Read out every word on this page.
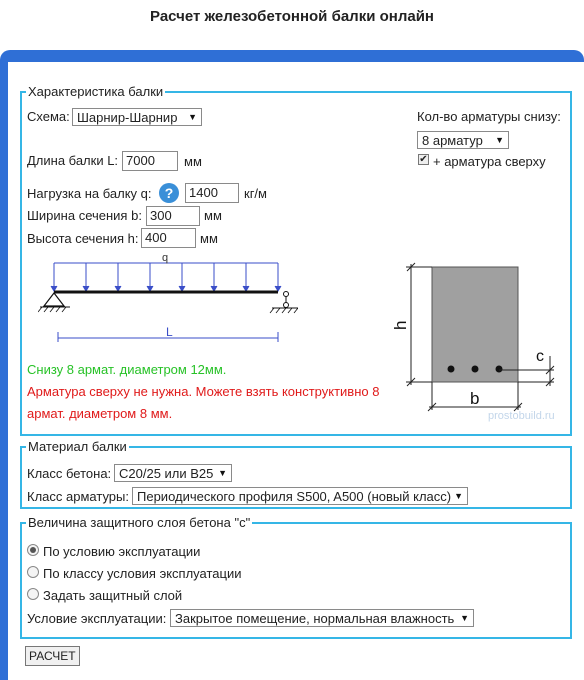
Расчет железобетонной балки онлайн
Характеристика балки
Схема: Шарнир-Шарнир ▼
Длина балки L: 7000	мм
Нагрузка на балку q: ?	1400	кг/м
Ширина сечения b: 300	мм
Высота сечения h: 400	мм
Кол-во арматуры снизу:
8 арматур ▼
✔ + арматура сверху
q
L	h
b
c
prostobuild.ru
Снизу 8 армат. диаметром 12мм.
Арматура сверху не нужна. Можете взять конструктивно 8
армат. диаметром 8 мм.
Материал балки
Класс бетона: C20/25 или B25 ▼
Класс арматуры: Периодического профиля S500, A500 (новый класс) ▼
Величина защитного слоя бетона "с"
По условию эксплуатации
По классу условия эксплуатации
Задать защитный слой
Условие эксплуатации: Закрытое помещение, нормальная влажность ▼
РАСЧЕТ
